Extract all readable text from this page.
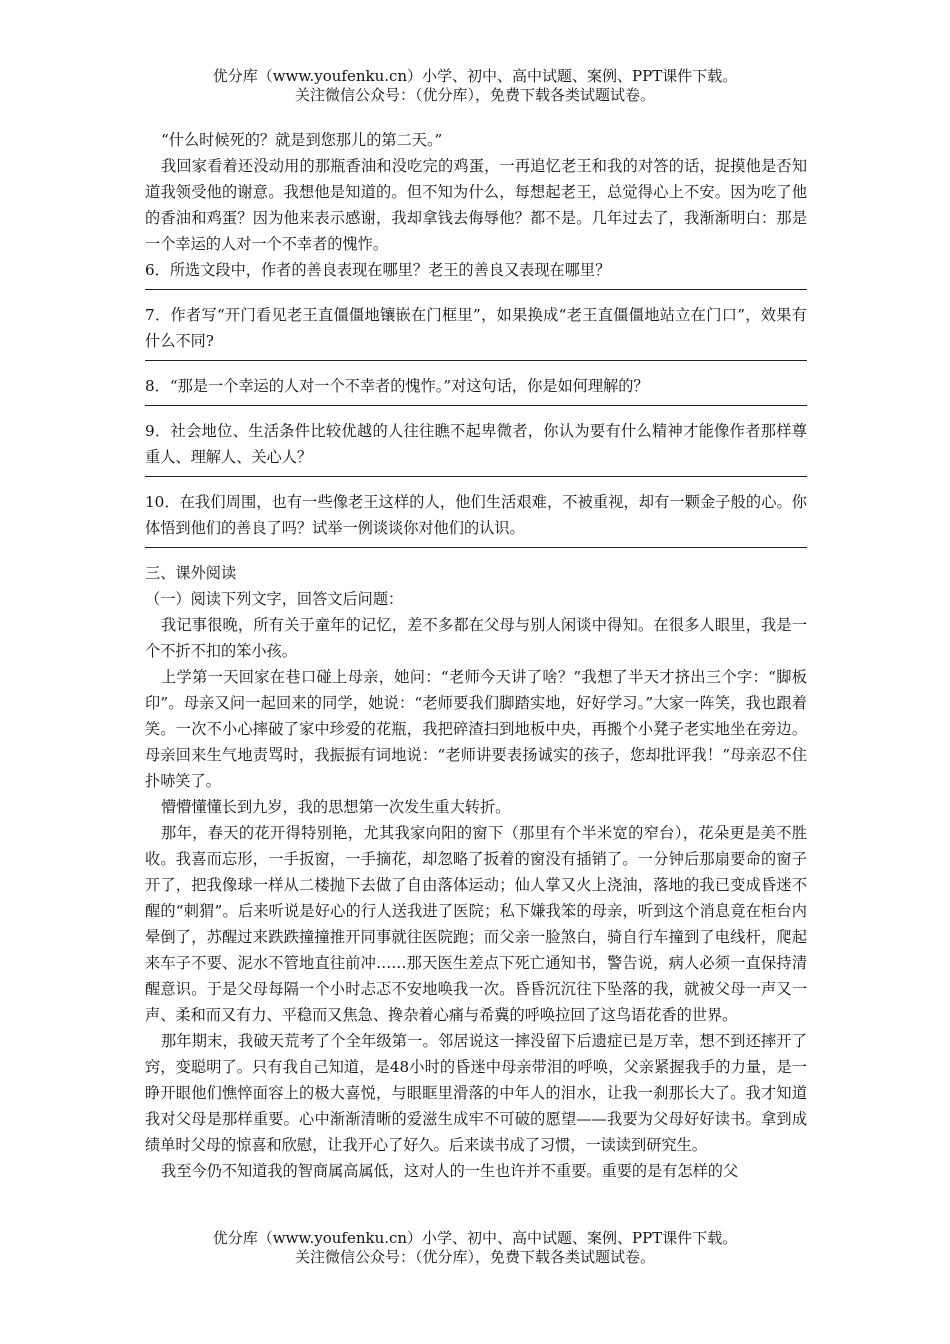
优分库（www.youfenku.cn）小学、初中、高中试题、案例、PPT课件下载。
关注微信公众号：（优分库），免费下载各类试题试卷。

“什么时候死的？就是到您那儿的第二天。”

我回家看着还没动用的那瓶香油和没吃完的鸡蛋，一再追忆老王和我的对答的话，捉摸他是否知道我领受他的谢意。我想他是知道的。但不知为什么，每想起老王，总觉得心上不安。因为吃了他的香油和鸡蛋？因为他来表示感谢，我却拿钱去侮辱他？都不是。几年过去了，我渐渐明白：那是一个幸运的人对一个不幸者的愧怍。

6．所选文段中，作者的善良表现在哪里？老王的善良又表现在哪里？

7．作者写“开门看见老王直僵僵地镶嵌在门框里”，如果换成“老王直僵僵地站立在门口”，效果有什么不同?

8．“那是一个幸运的人对一个不幸者的愧怍。”对这句话，你是如何理解的？

9．社会地位、生活条件比较优越的人往往瞧不起卑微者，你认为要有什么精神才能像作者那样尊重人、理解人、关心人？

10．在我们周围，也有一些像老王这样的人，他们生活艰难，不被重视，却有一颗金子般的心。你体悟到他们的善良了吗？试举一例谈谈你对他们的认识。

三、课外阅读

（一）阅读下列文字，回答文后问题：

我记事很晚，所有关于童年的记忆，差不多都在父母与别人闲谈中得知。在很多人眼里，我是一个不折不扣的笨小孩。

上学第一天回家在巷口碰上母亲，她问：“老师今天讲了啥？”我想了半天才挤出三个字：“脚板印”。母亲又问一起回来的同学，她说：“老师要我们脚踏实地，好好学习。”大家一阵笑，我也跟着笑。一次不小心摔破了家中珍爱的花瓶，我把碎渣扫到地板中央，再搬个小凳子老实地坐在旁边。母亲回来生气地责骂时，我振振有词地说：“老师讲要表扬诚实的孩子，您却批评我！”母亲忍不住扑哧笑了。

懵懵懂懂长到九岁，我的思想第一次发生重大转折。

那年，春天的花开得特别艳，尤其我家向阳的窗下（那里有个半米宽的窄台），花朵更是美不胜收。我喜而忘形，一手扳窗，一手摘花，却忽略了扳着的窗没有插销了。一分钟后那扇要命的窗子开了，把我像球一样从二楼抛下去做了自由落体运动；仙人掌又火上浇油，落地的我已变成昏迷不醒的“刺猬”。后来听说是好心的行人送我进了医院；私下嫌我笨的母亲，听到这个消息竟在柜台内晕倒了，苏醒过来跌跌撞撞推开同事就往医院跑；而父亲一脸煞白，骑自行车撞到了电线杆，爬起来车子不要、泥水不管地直往前冲……那天医生差点下死亡通知书，警告说，病人必须一直保持清醒意识。于是父母每隔一个小时忐忑不安地唤我一次。昏昏沉沉往下坠落的我，就被父母一声又一声、柔和而又有力、平稳而又焦急、搀杂着心痛与希冀的呼唤拉回了这鸟语花香的世界。

那年期末，我破天荒考了个全年级第一。邻居说这一摔没留下后遗症已是万幸，想不到还摔开了窍，变聪明了。只有我自己知道，是48小时的昏迷中母亲带泪的呼唤，父亲紧握我手的力量，是一睁开眼他们憔悴面容上的极大喜悦，与眼眶里滑落的中年人的泪水，让我一刹那长大了。我才知道我对父母是那样重要。心中渐渐清晰的爱滋生成牢不可破的愿望——我要为父母好好读书。拿到成绩单时父母的惊喜和欣慰，让我开心了好久。后来读书成了习惯，一读读到研究生。

我至今仍不知道我的智商属高属低，这对人的一生也许并不重要。重要的是有怎样的父

优分库（www.youfenku.cn）小学、初中、高中试题、案例、PPT课件下载。
关注微信公众号：（优分库），免费下载各类试题试卷。
